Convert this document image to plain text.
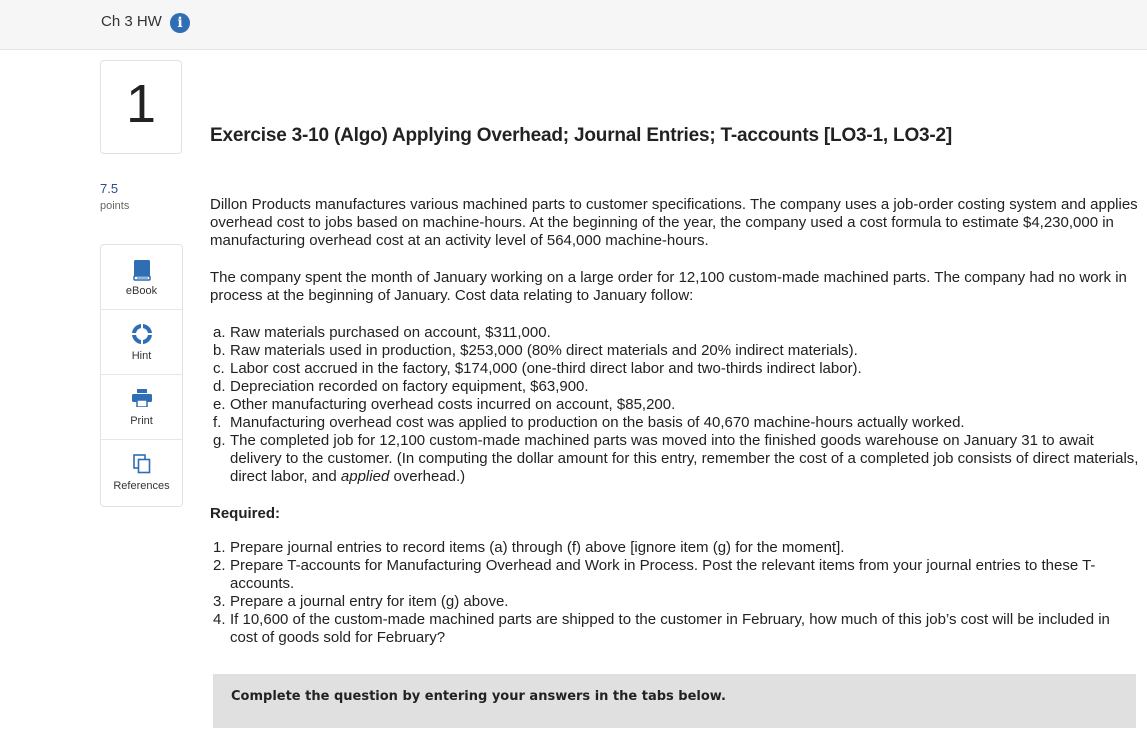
Ch 3 HW	i
1
7.5
points
eBook
Hint
Print
References
Exercise 3-10 (Algo) Applying Overhead; Journal Entries; T-accounts [LO3-1, LO3-2]

Dillon Products manufactures various machined parts to customer specifications. The company uses a job-order costing system and applies overhead cost to jobs based on machine-hours. At the beginning of the year, the company used a cost formula to estimate $4,230,000 in manufacturing overhead cost at an activity level of 564,000 machine-hours.

The company spent the month of January working on a large order for 12,100 custom-made machined parts. The company had no work in process at the beginning of January. Cost data relating to January follow:

a. Raw materials purchased on account, $311,000.
b. Raw materials used in production, $253,000 (80% direct materials and 20% indirect materials).
c. Labor cost accrued in the factory, $174,000 (one-third direct labor and two-thirds indirect labor).
d. Depreciation recorded on factory equipment, $63,900.
e. Other manufacturing overhead costs incurred on account, $85,200.
f. Manufacturing overhead cost was applied to production on the basis of 40,670 machine-hours actually worked.
g. The completed job for 12,100 custom-made machined parts was moved into the finished goods warehouse on January 31 to await delivery to the customer. (In computing the dollar amount for this entry, remember the cost of a completed job consists of direct materials, direct labor, and applied overhead.)
Required:
1. Prepare journal entries to record items (a) through (f) above [ignore item (g) for the moment].
2. Prepare T-accounts for Manufacturing Overhead and Work in Process. Post the relevant items from your journal entries to these T-accounts.
3. Prepare a journal entry for item (g) above.
4. If 10,600 of the custom-made machined parts are shipped to the customer in February, how much of this job’s cost will be included in cost of goods sold for February?
Complete the question by entering your answers in the tabs below.
